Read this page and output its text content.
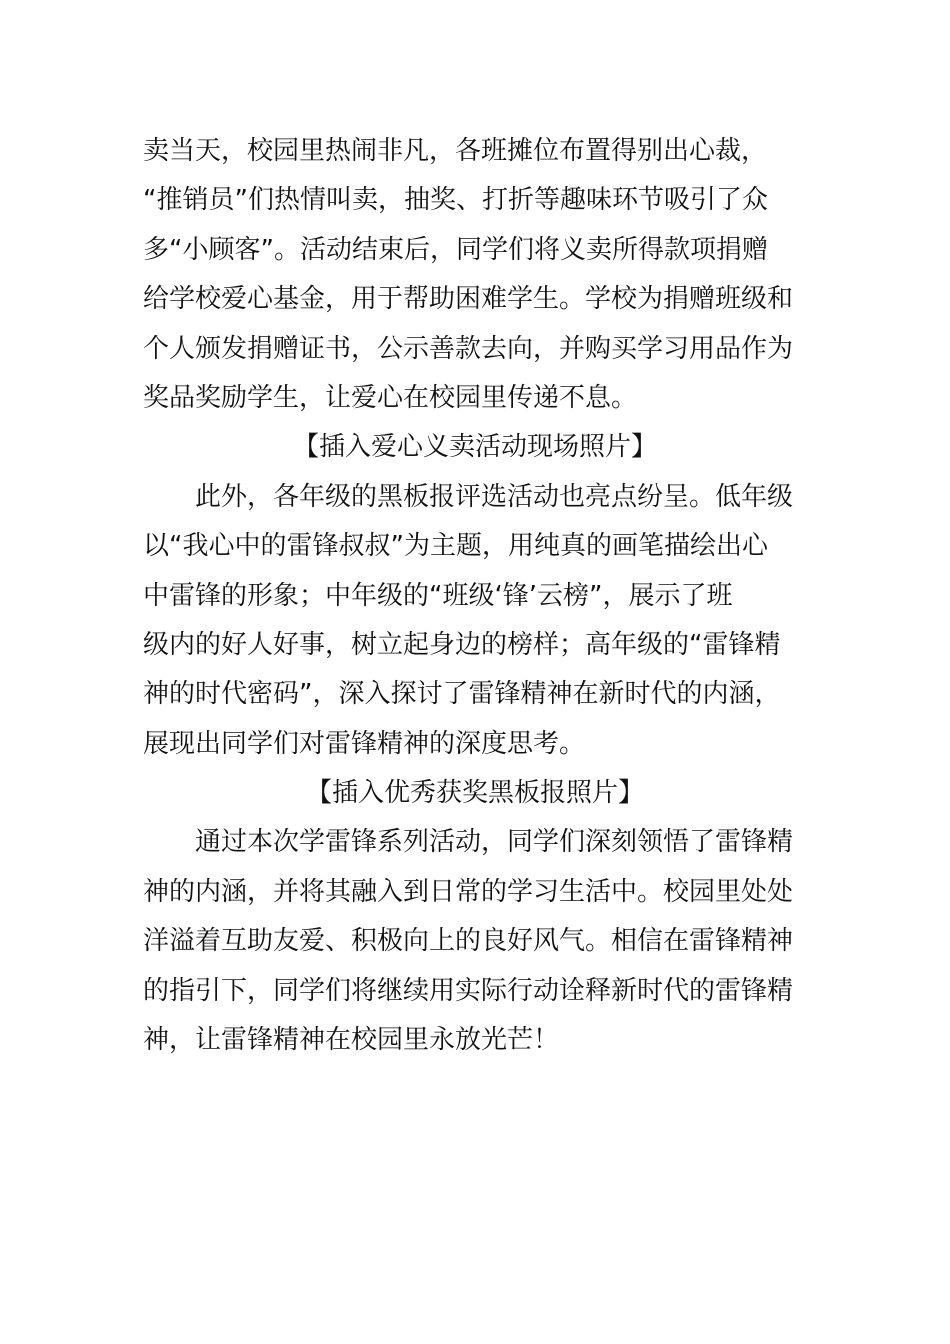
卖当天，校园里热闹非凡，各班摊位布置得别出心裁，
“推销员”们热情叫卖，抽奖、打折等趣味环节吸引了众
多“小顾客”。活动结束后，同学们将义卖所得款项捐赠
给学校爱心基金，用于帮助困难学生。学校为捐赠班级和
个人颁发捐赠证书，公示善款去向，并购买学习用品作为
奖品奖励学生，让爱心在校园里传递不息。
【插入爱心义卖活动现场照片】
此外，各年级的黑板报评选活动也亮点纷呈。低年级
以“我心中的雷锋叔叔”为主题，用纯真的画笔描绘出心
中雷锋的形象；中年级的“班级‘锋’云榜”，展示了班
级内的好人好事，树立起身边的榜样；高年级的“雷锋精
神的时代密码”，深入探讨了雷锋精神在新时代的内涵，
展现出同学们对雷锋精神的深度思考。
【插入优秀获奖黑板报照片】
通过本次学雷锋系列活动，同学们深刻领悟了雷锋精
神的内涵，并将其融入到日常的学习生活中。校园里处处
洋溢着互助友爱、积极向上的良好风气。相信在雷锋精神
的指引下，同学们将继续用实际行动诠释新时代的雷锋精
神，让雷锋精神在校园里永放光芒！
